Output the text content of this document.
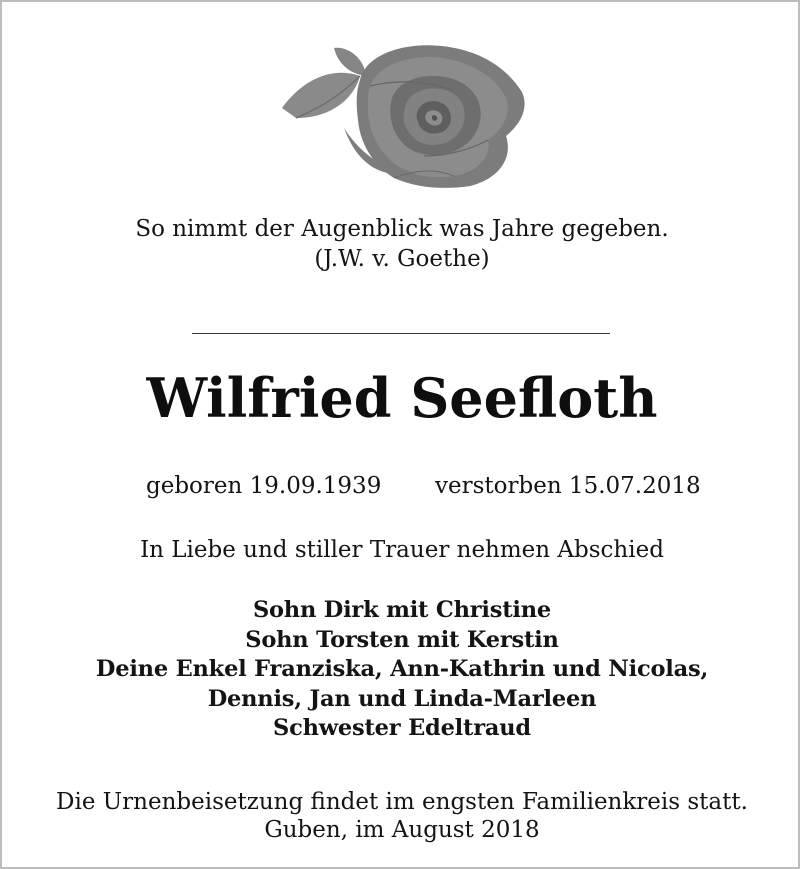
So nimmt der Augenblick was Jahre gegeben.
(J.W. v. Goethe)
Wilfried Seefloth
geboren 19.09.1939 verstorben 15.07.2018
In Liebe und stiller Trauer nehmen Abschied
Sohn Dirk mit Christine
Sohn Torsten mit Kerstin
Deine Enkel Franziska, Ann-Kathrin und Nicolas,
Dennis, Jan und Linda-Marleen
Schwester Edeltraud
Die Urnenbeisetzung findet im engsten Familienkreis statt.
Guben, im August 2018
